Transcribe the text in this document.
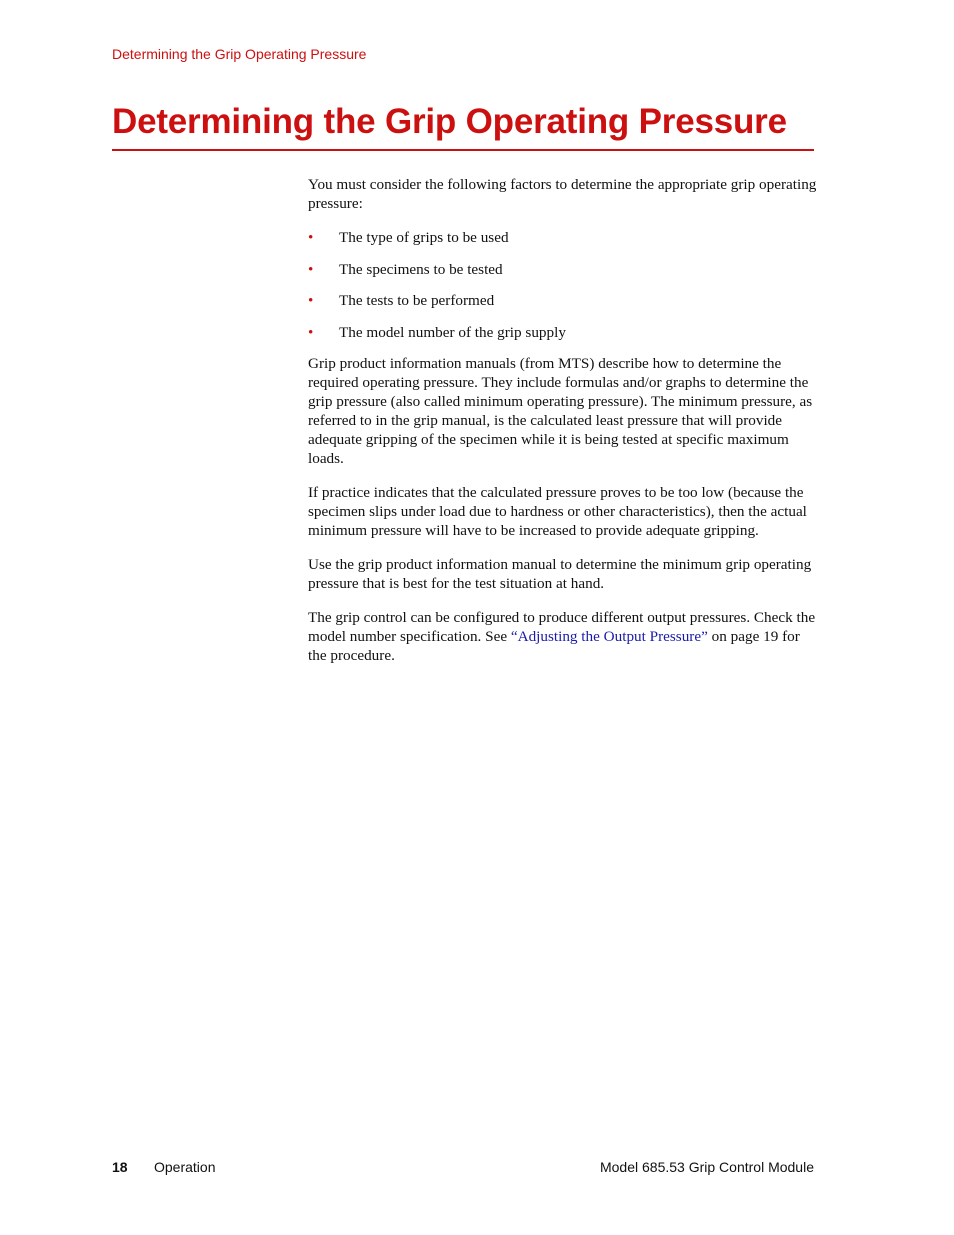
Determining the Grip Operating Pressure
Determining the Grip Operating Pressure

You must consider the following factors to determine the appropriate grip operating pressure:

• The type of grips to be used
• The specimens to be tested
• The tests to be performed
• The model number of the grip supply

Grip product information manuals (from MTS) describe how to determine the required operating pressure. They include formulas and/or graphs to determine the grip pressure (also called minimum operating pressure). The minimum pressure, as referred to in the grip manual, is the calculated least pressure that will provide adequate gripping of the specimen while it is being tested at specific maximum loads.

If practice indicates that the calculated pressure proves to be too low (because the specimen slips under load due to hardness or other characteristics), then the actual minimum pressure will have to be increased to provide adequate gripping.

Use the grip product information manual to determine the minimum grip operating pressure that is best for the test situation at hand.

The grip control can be configured to produce different output pressures. Check the model number specification. See “Adjusting the Output Pressure” on page 19 for the procedure.

18 Operation	Model 685.53 Grip Control Module
